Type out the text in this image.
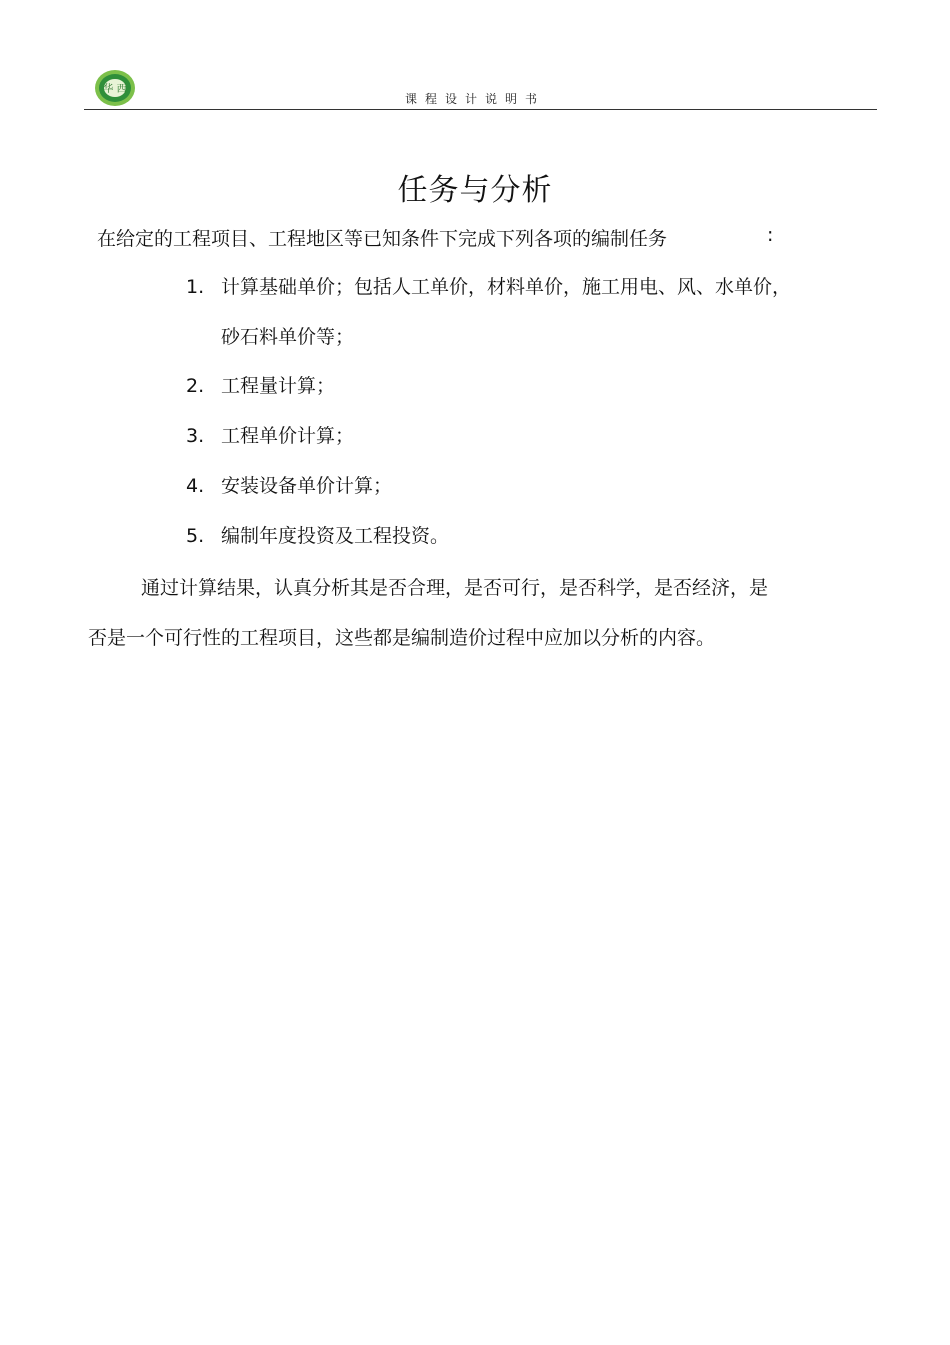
华 西
课程设计说明书
任务与分析
在给定的工程项目、工程地区等已知条件下完成下列各项的编制任务	:
1. 计算基础单价；包括人工单价，材料单价，施工用电、风、水单价，
砂石料单价等；
2. 工程量计算；
3. 工程单价计算；
4. 安装设备单价计算；
5. 编制年度投资及工程投资。
通过计算结果，认真分析其是否合理，是否可行，是否科学，是否经济，是
否是一个可行性的工程项目，这些都是编制造价过程中应加以分析的内容。
